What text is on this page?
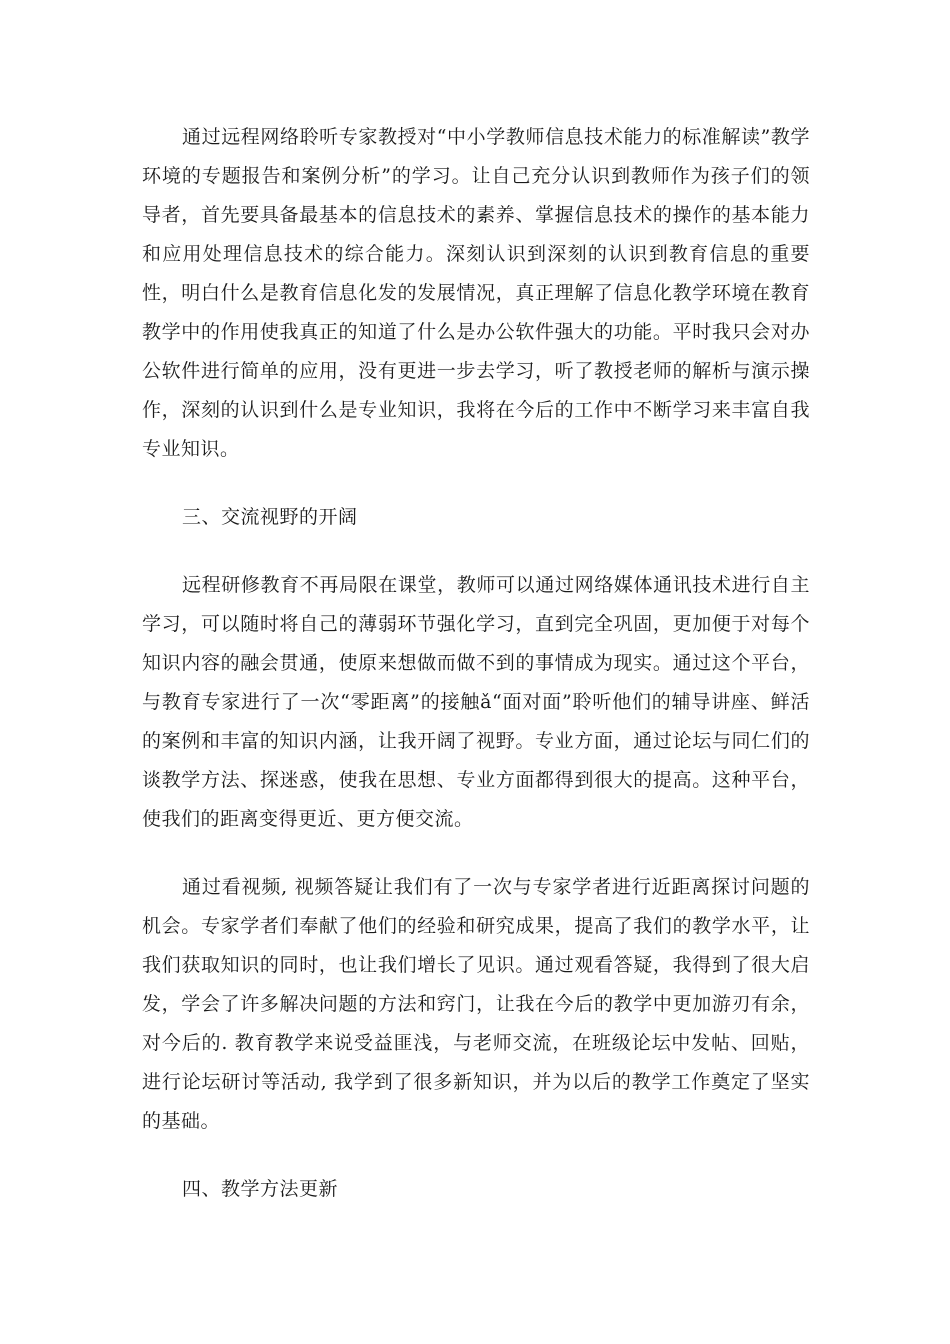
通过远程网络聆听专家教授对“中小学教师信息技术能力的标准解读”教学环境的专题报告和案例分析”的学习。让自己充分认识到教师作为孩子们的领导者，首先要具备最基本的信息技术的素养、掌握信息技术的操作的基本能力和应用处理信息技术的综合能力。深刻认识到深刻的认识到教育信息的重要性，明白什么是教育信息化发的发展情况，真正理解了信息化教学环境在教育教学中的作用使我真正的知道了什么是办公软件强大的功能。平时我只会对办公软件进行简单的应用，没有更进一步去学习，听了教授老师的解析与演示操作，深刻的认识到什么是专业知识，我将在今后的工作中不断学习来丰富自我专业知识。

三、交流视野的开阔

远程研修教育不再局限在课堂，教师可以通过网络媒体通讯技术进行自主学习，可以随时将自己的薄弱环节强化学习，直到完全巩固，更加便于对每个知识内容的融会贯通，使原来想做而做不到的事情成为现实。通过这个平台，与教育专家进行了一次“零距离”的接触ǎ“面对面”聆听他们的辅导讲座、鲜活的案例和丰富的知识内涵，让我开阔了视野。专业方面，通过论坛与同仁们的谈教学方法、探迷惑，使我在思想、专业方面都得到很大的提高。这种平台，使我们的距离变得更近、更方便交流。

通过看视频, 视频答疑让我们有了一次与专家学者进行近距离探讨问题的机会。专家学者们奉献了他们的经验和研究成果，提高了我们的教学水平，让我们获取知识的同时，也让我们增长了见识。通过观看答疑，我得到了很大启发，学会了许多解决问题的方法和窍门，让我在今后的教学中更加游刃有余，对今后的. 教育教学来说受益匪浅，与老师交流，在班级论坛中发帖、回贴，进行论坛研讨等活动, 我学到了很多新知识，并为以后的教学工作奠定了坚实的基础。

四、教学方法更新
